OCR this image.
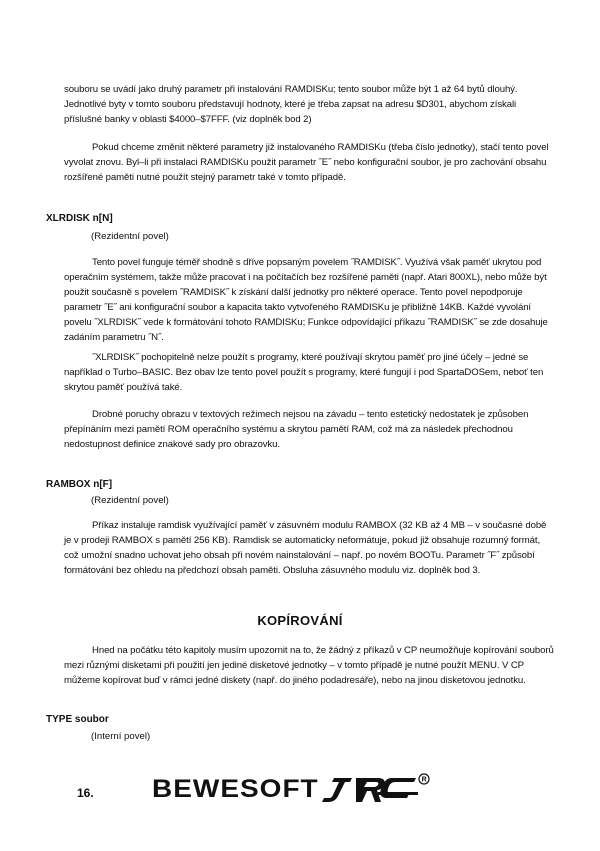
souboru se uvádí jako druhý parametr při instalování RAMDISKu; tento soubor může být 1 až 64 bytů dlouhý. Jednotlivé byty v tomto souboru představují hodnoty, které je třeba zapsat na adresu $D301, abychom získali příslušné banky v oblasti $4000–$7FFF. (viz doplněk bod 2)

Pokud chceme změnit některé parametry již instalovaného RAMDISKu (třeba číslo jednotky), stačí tento povel vyvolat znovu. Byl–li při instalaci RAMDISKu použit parametr ˝E˝ nebo konfigurační soubor, je pro zachování obsahu rozšířené paměti nutné použít stejný parametr také v tomto případě.

XLRDISK n[N]
(Rezidentní povel)

Tento povel funguje téměř shodně s dříve popsaným povelem ˝RAMDISK˝. Využívá však paměť ukrytou pod operačním systémem, takže může pracovat i na počítačích bez rozšířené paměti (např. Atari 800XL), nebo může být použit současně s povelem ˝RAMDISK˝ k získání další jednotky pro některé operace. Tento povel nepodporuje parametr ˝E˝ ani konfigurační soubor a kapacita takto vytvořeného RAMDISKu je přibližně 14KB. Každé vyvolání povelu ˝XLRDISK˝ vede k formátování tohoto RAMDISKu; Funkce odpovídající příkazu ˝RAMDISK˝ se zde dosahuje zadáním parametru ˝N˝.

˝XLRDISK˝ pochopitelně nelze použít s programy, které používají skrytou paměť pro jiné účely – jedné se například o Turbo–BASIC. Bez obav lze tento povel použít s programy, které fungují i pod SpartaDOSem, neboť ten skrytou paměť používá také.

Drobné poruchy obrazu v textových režimech nejsou na závadu – tento estetický nedostatek je způsoben přepínáním mezi pamětí ROM operačního systému a skrytou pamětí RAM, což má za následek přechodnou nedostupnost definice znakové sady pro obrazovku.

RAMBOX n[F]
(Rezidentní povel)

Příkaz instaluje ramdisk využívající paměť v zásuvném modulu RAMBOX (32 KB až 4 MB – v současné době je v prodeji RAMBOX s pamětí 256 KB). Ramdisk se automaticky neformátuje, pokud již obsahuje rozumný formát, což umožní snadno uchovat jeho obsah při novém nainstalování – např. po novém BOOTu. Parametr ˝F˝ způsobí formátování bez ohledu na předchozí obsah paměti. Obsluha zásuvného modulu viz. doplněk bod 3.

KOPÍROVÁNÍ

Hned na počátku této kapitoly musím upozornit na to, že žádný z příkazů v CP neumožňuje kopírování souborů mezi různými disketami při použití jen jediné disketové jednotky – v tomto případě je nutné použít MENU. V CP můžeme kopírovat buď v rámci jedné diskety (např. do jiného podadresáře), nebo na jinou disketovou jednotku.

TYPE soubor
(Interní povel)
16. BEWESOFT	R
